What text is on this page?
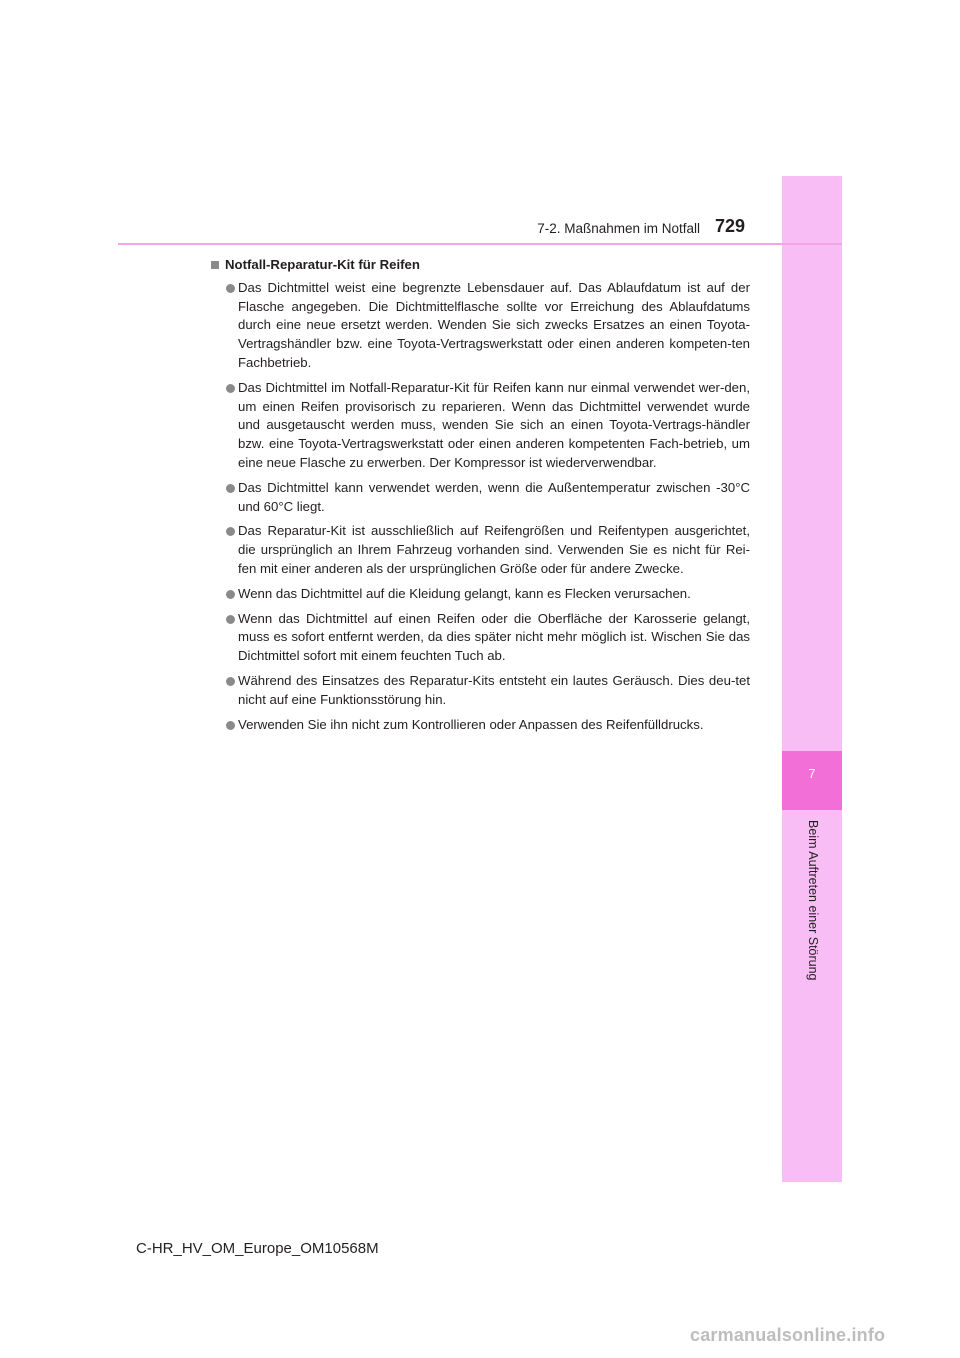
7
Beim Auftreten einer Störung
7-2. Maßnahmen im Notfall 729
Notfall-Reparatur-Kit für Reifen
Das Dichtmittel weist eine begrenzte Lebensdauer auf. Das Ablaufdatum ist auf der Flasche angegeben. Die Dichtmittelflasche sollte vor Erreichung des Ablaufdatums durch eine neue ersetzt werden. Wenden Sie sich zwecks Ersatzes an einen Toyota-Vertragshändler bzw. eine Toyota-Vertragswerkstatt oder einen anderen kompeten-ten Fachbetrieb.
Das Dichtmittel im Notfall-Reparatur-Kit für Reifen kann nur einmal verwendet wer-den, um einen Reifen provisorisch zu reparieren. Wenn das Dichtmittel verwendet wurde und ausgetauscht werden muss, wenden Sie sich an einen Toyota-Vertrags-händler bzw. eine Toyota-Vertragswerkstatt oder einen anderen kompetenten Fach-betrieb, um eine neue Flasche zu erwerben. Der Kompressor ist wiederverwendbar.
Das Dichtmittel kann verwendet werden, wenn die Außentemperatur zwischen -30°C und 60°C liegt.
Das Reparatur-Kit ist ausschließlich auf Reifengrößen und Reifentypen ausgerichtet, die ursprünglich an Ihrem Fahrzeug vorhanden sind. Verwenden Sie es nicht für Rei-fen mit einer anderen als der ursprünglichen Größe oder für andere Zwecke.
Wenn das Dichtmittel auf die Kleidung gelangt, kann es Flecken verursachen.
Wenn das Dichtmittel auf einen Reifen oder die Oberfläche der Karosserie gelangt, muss es sofort entfernt werden, da dies später nicht mehr möglich ist. Wischen Sie das Dichtmittel sofort mit einem feuchten Tuch ab.
Während des Einsatzes des Reparatur-Kits entsteht ein lautes Geräusch. Dies deu-tet nicht auf eine Funktionsstörung hin.
Verwenden Sie ihn nicht zum Kontrollieren oder Anpassen des Reifenfülldrucks.
C-HR_HV_OM_Europe_OM10568M
carmanualsonline.info
